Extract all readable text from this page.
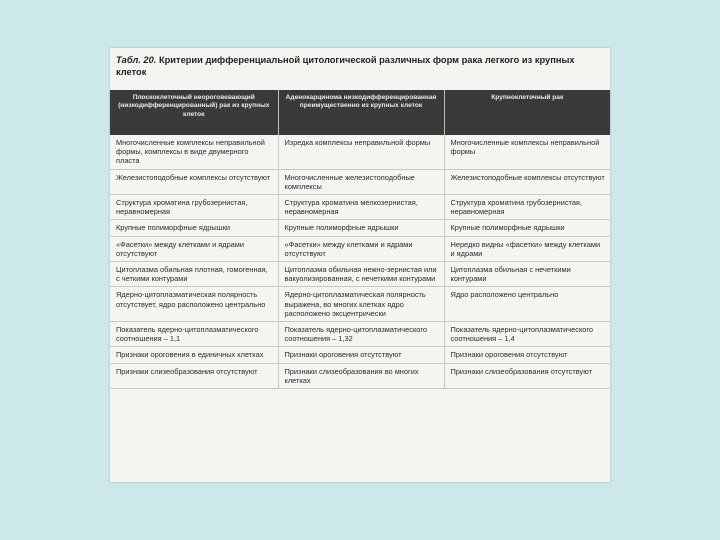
Табл. 20. Критерии дифференциальной цитологической различных форм рака легкого из крупных клеток
Плоскоклеточный неороговевающий (низкодифференцированный) рак из крупных клеток	Аденокарцинома низкодифференцированная преимущественно из крупных клеток	Крупноклеточный рак
Многочисленные комплексы неправильной формы, комплексы в виде двумерного пласта	Изредка комплексы неправильной формы	Многочисленные комплексы неправильной формы
Железистоподобные комплексы отсутствуют	Многочисленные железистоподобные комплексы	Железистоподобные комплексы отсутствуют
Структура хроматина грубозернистая, неравномерная	Структура хроматина мелкозернистая, неравномерная	Структура хроматина грубозернистая, неравномерная
Крупные полиморфные ядрышки	Крупные полиморфные ядрышки	Крупные полиморфные ядрышки
«Фасетки» между клетками и ядрами отсутствуют	«Фасетки» между клетками и ядрами отсутствуют	Нередко видны «фасетки» между клетками и ядрами
Цитоплазма обильная плотная, гомогенная, с четкими контурами	Цитоплазма обильная нежно-зернистая или вакуолизированная, с нечеткими контурами	Цитоплазма обильная с нечеткими контурами
Ядерно-цитоплазматическая полярность отсутствует, ядро расположено центрально	Ядерно-цитоплазматическая полярность выражена, во многих клетках ядро расположено эксцентрически	Ядро расположено центрально
Показатель ядерно-цитоплазматического соотношения – 1,1	Показатель ядерно-цитоплазматического соотношения – 1,32	Показатель ядерно-цитоплазматического соотношения – 1,4
Признаки ороговения в единичных клетках	Признаки ороговения отсутствуют	Признаки ороговения отсутствуют
Признаки слизеобразования отсутствуют	Признаки слизеобразования во многих клетках	Признаки слизеобразования отсутствуют
